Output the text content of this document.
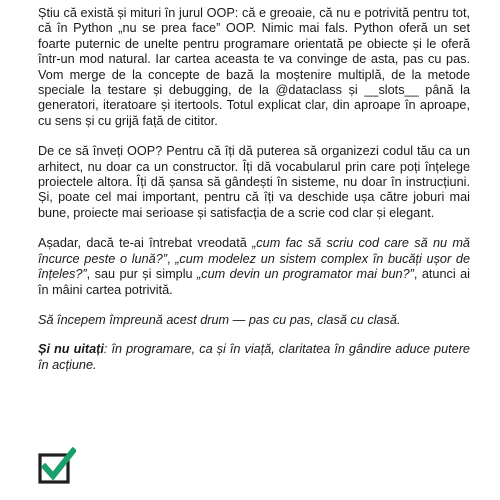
Știu că există și mituri în jurul OOP: că e greoaie, că nu e potrivită pentru tot, că în Python „nu se prea face” OOP. Nimic mai fals. Python oferă un set foarte puternic de unelte pentru programare orientată pe obiecte și le oferă într-un mod natural. Iar cartea aceasta te va convinge de asta, pas cu pas. Vom merge de la concepte de bază la moștenire multiplă, de la metode speciale la testare și debugging, de la @dataclass și __slots__ până la generatori, iteratoare și itertools. Totul explicat clar, din aproape în aproape, cu sens și cu grijă față de cititor.

De ce să înveți OOP? Pentru că îți dă puterea să organizezi codul tău ca un arhitect, nu doar ca un constructor. Îți dă vocabularul prin care poți înțelege proiectele altora. Îți dă șansa să gândești în sisteme, nu doar în instrucțiuni. Și, poate cel mai important, pentru că îți va deschide ușa către joburi mai bune, proiecte mai serioase și satisfacția de a scrie cod clar și elegant.

Așadar, dacă te-ai întrebat vreodată „cum fac să scriu cod care să nu mă încurce peste o lună?”, „cum modelez un sistem complex în bucăți ușor de înțeles?”, sau pur și simplu „cum devin un programator mai bun?”, atunci ai în mâini cartea potrivită.

Să începem împreună acest drum — pas cu pas, clasă cu clasă.

Și nu uitați: în programare, ca și în viață, claritatea în gândire aduce putere în acțiune.
